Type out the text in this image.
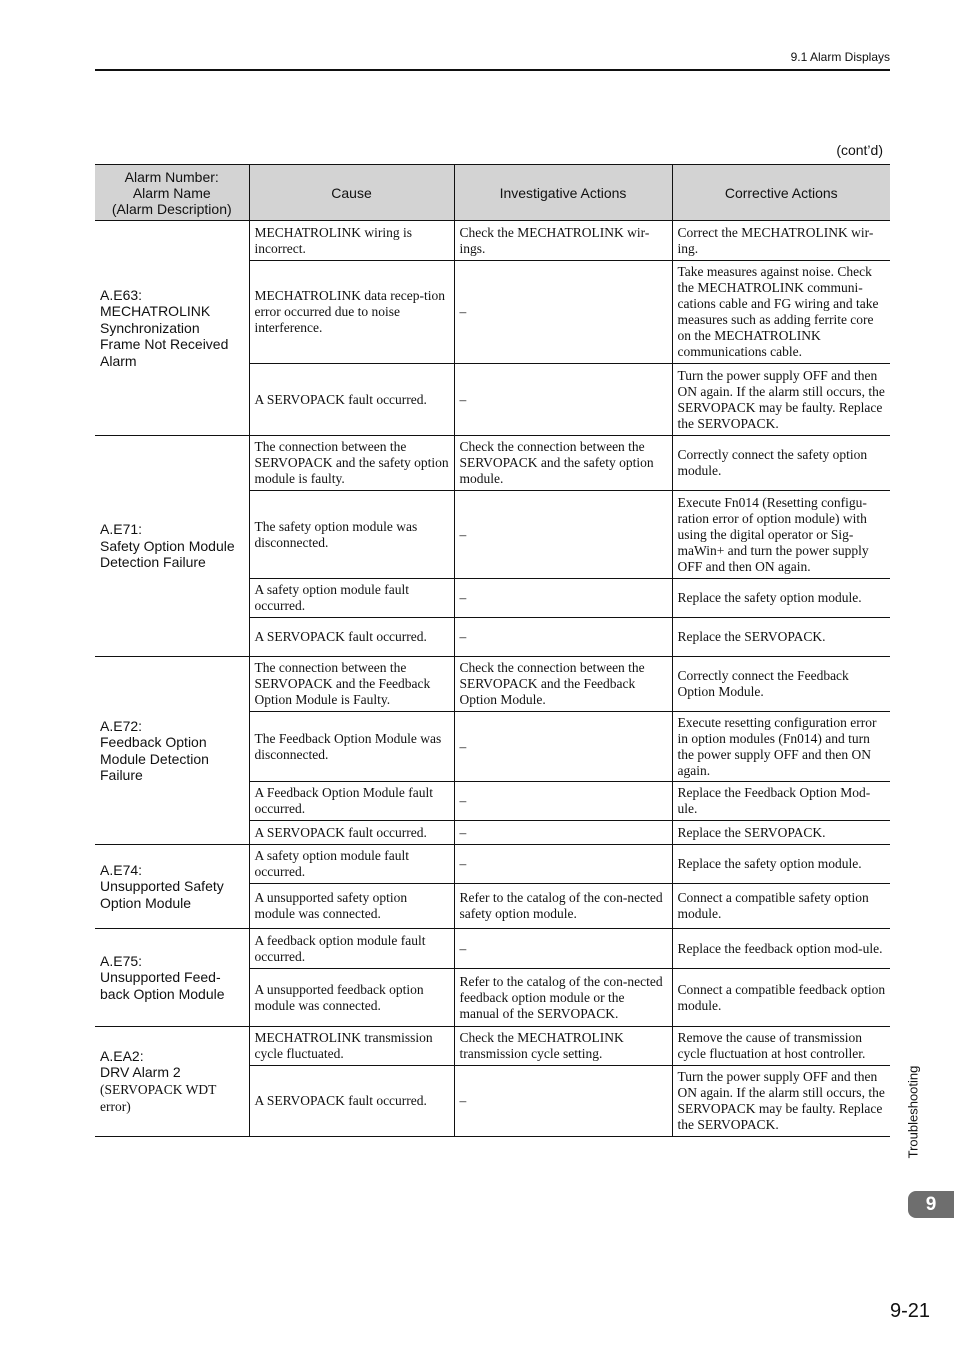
9.1 Alarm Displays
(cont’d)
Alarm Number:
Alarm Name
(Alarm Description)	Cause	Investigative Actions	Corrective Actions
A.E63:
MECHATROLINK
Synchronization
Frame Not Received
Alarm	MECHATROLINK wiring is incorrect.	Check the MECHATROLINK wir-ings.	Correct the MECHATROLINK wir-ing.
	MECHATROLINK data recep-tion error occurred due to noise interference.	–	Take measures against noise. Check the MECHATROLINK communi-cations cable and FG wiring and take measures such as adding ferrite core on the MECHATROLINK communications cable.
	A SERVOPACK fault occurred.	–	Turn the power supply OFF and then ON again. If the alarm still occurs, the SERVOPACK may be faulty. Replace the SERVOPACK.
A.E71:
Safety Option Module
Detection Failure	The connection between the SERVOPACK and the safety option module is faulty.	Check the connection between the SERVOPACK and the safety option module.	Correctly connect the safety option module.
	The safety option module was disconnected.	–	Execute Fn014 (Resetting configu-ration error of option module) with using the digital operator or Sig-maWin+ and turn the power supply OFF and then ON again.
	A safety option module fault occurred.	–	Replace the safety option module.
	A SERVOPACK fault occurred.	–	Replace the SERVOPACK.
A.E72:
Feedback Option
Module Detection
Failure	The connection between the SERVOPACK and the Feedback Option Module is Faulty.	Check the connection between the SERVOPACK and the Feedback Option Module.	Correctly connect the Feedback Option Module.
	The Feedback Option Module was disconnected.	–	Execute resetting configuration error in option modules (Fn014) and turn the power supply OFF and then ON again.
	A Feedback Option Module fault occurred.	–	Replace the Feedback Option Mod-ule.
	A SERVOPACK fault occurred.	–	Replace the SERVOPACK.
A.E74:
Unsupported Safety
Option Module	A safety option module fault occurred.	–	Replace the safety option module.
	A unsupported safety option module was connected.	Refer to the catalog of the con-nected safety option module.	Connect a compatible safety option module.
A.E75:
Unsupported Feed-
back Option Module	A feedback option module fault occurred.	–	Replace the feedback option mod-ule.
	A unsupported feedback option module was connected.	Refer to the catalog of the con-nected feedback option module or the manual of the SERVOPACK.	Connect a compatible feedback option module.
A.EA2:
DRV Alarm 2
(SERVOPACK WDT
error)	MECHATROLINK transmission cycle fluctuated.	Check the MECHATROLINK transmission cycle setting.	Remove the cause of transmission cycle fluctuation at host controller.
	A SERVOPACK fault occurred.	–	Turn the power supply OFF and then ON again. If the alarm still occurs, the SERVOPACK may be faulty. Replace the SERVOPACK.	Troubleshooting
9
9-21
